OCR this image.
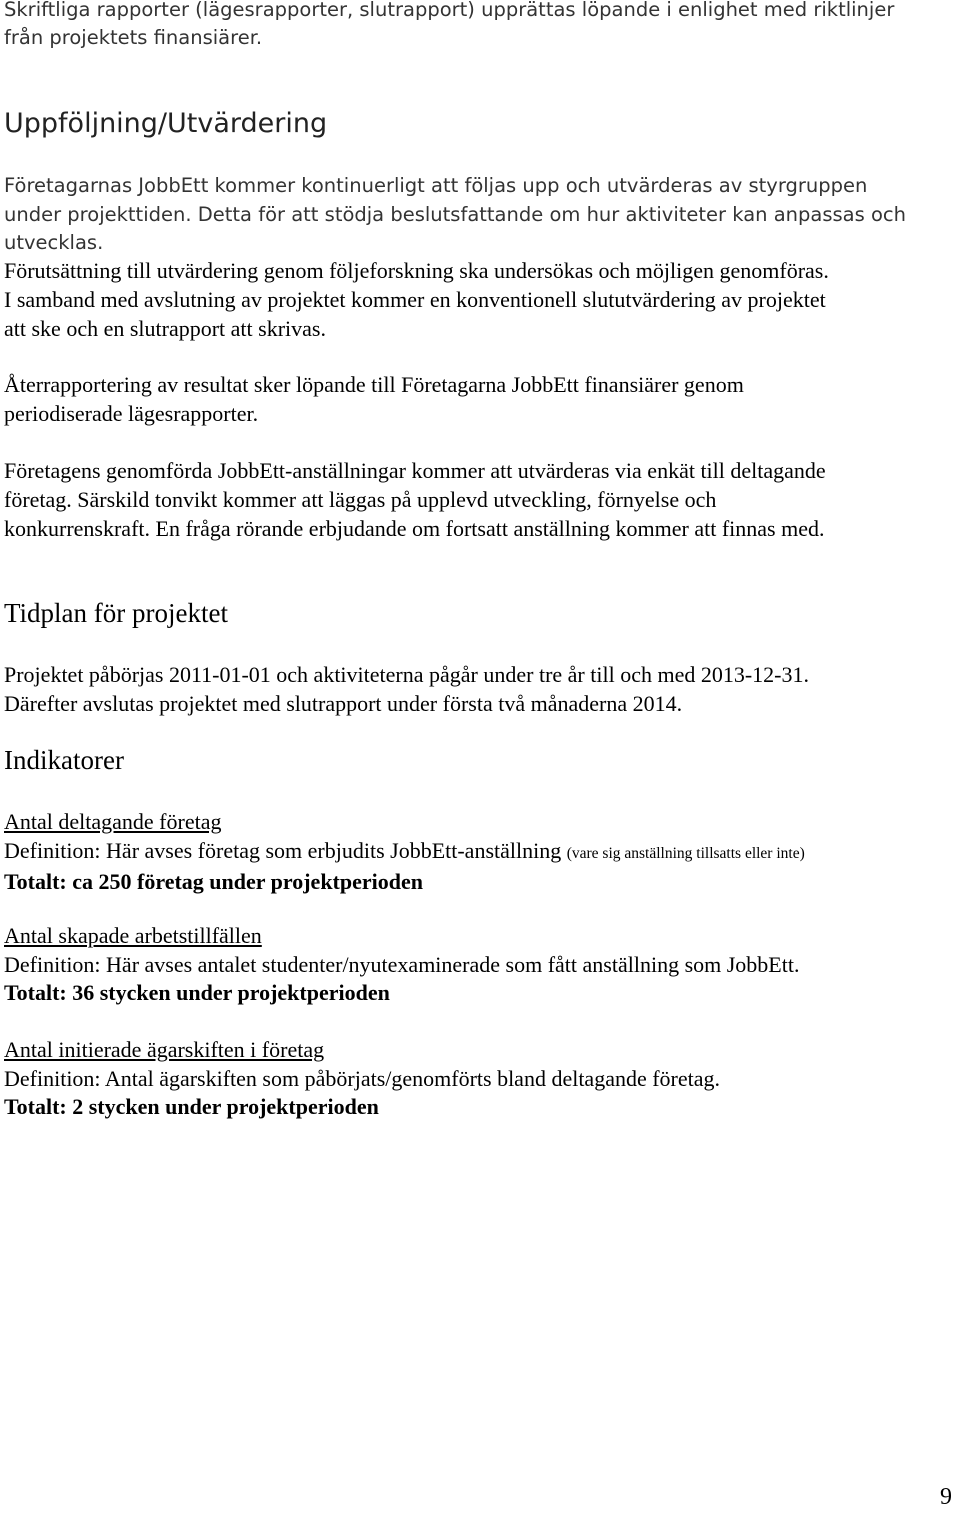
Skriftliga rapporter (lägesrapporter, slutrapport) upprättas löpande i enlighet med riktlinjer
från projektets finansiärer.

Uppföljning/Utvärdering

Företagarnas JobbEtt kommer kontinuerligt att följas upp och utvärderas av styrgruppen
under projekttiden. Detta för att stödja beslutsfattande om hur aktiviteter kan anpassas och
utvecklas.

Förutsättning till utvärdering genom följeforskning ska undersökas och möjligen genomföras.
I samband med avslutning av projektet kommer en konventionell slututvärdering av projektet
att ske och en slutrapport att skrivas.

Återrapportering av resultat sker löpande till Företagarna JobbEtt finansiärer genom
periodiserade lägesrapporter.

Företagens genomförda JobbEtt-anställningar kommer att utvärderas via enkät till deltagande
företag. Särskild tonvikt kommer att läggas på upplevd utveckling, förnyelse och
konkurrenskraft. En fråga rörande erbjudande om fortsatt anställning kommer att finnas med.

Tidplan för projektet

Projektet påbörjas 2011-01-01 och aktiviteterna pågår under tre år till och med 2013-12-31.
Därefter avslutas projektet med slutrapport under första två månaderna 2014.

Indikatorer
Antal deltagande företag
Definition: Här avses företag som erbjudits JobbEtt-anställning (vare sig anställning tillsatts eller inte)
Totalt: ca 250 företag under projektperioden
Antal skapade arbetstillfällen
Definition: Här avses antalet studenter/nyutexaminerade som fått anställning som JobbEtt.
Totalt: 36 stycken under projektperioden
Antal initierade ägarskiften i företag
Definition: Antal ägarskiften som påbörjats/genomförts bland deltagande företag.
Totalt: 2 stycken under projektperioden
9
